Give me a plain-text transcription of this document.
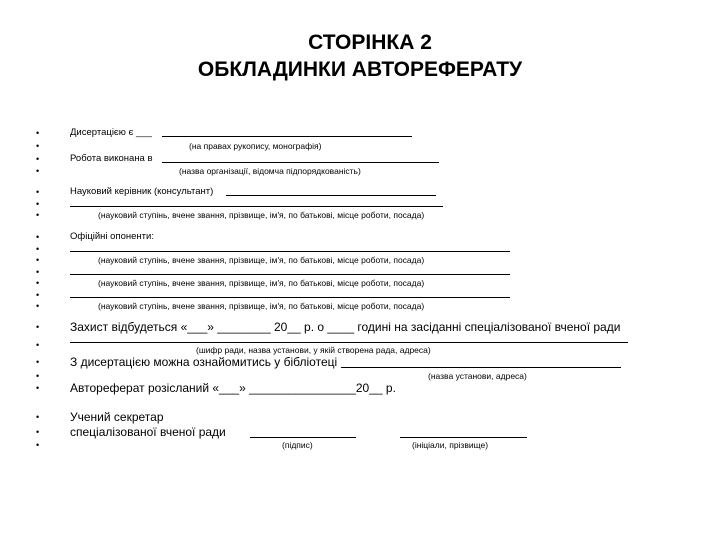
СТОРІНКА 2
ОБКЛАДИНКИ АВТОРЕФЕРАТУ
•
Дисертацією є ___
•
(на правах рукопису, монографія)
•
Робота виконана в
•
(назва організації, відомча підпорядкованість)
•
Науковий керівник (консультант)
•
•
(науковий ступінь, вчене звання, прізвище, ім'я, по батькові, місце роботи, посада)
•
Офіційні опоненти:
•
•
(науковий ступінь, вчене звання, прізвище, ім'я, по батькові, місце роботи, посада)
•
•
(науковий ступінь, вчене звання, прізвище, ім'я, по батькові, місце роботи, посада)
•
•
(науковий ступінь, вчене звання, прізвище, ім'я, по батькові, місце роботи, посада)
•
Захист відбудеться «___» ________ 20__ р. о ____ годині на засіданні спеціалізованої вченої ради
•
(шифр ради, назва установи, у якій створена рада, адреса)
•
З дисертацією можна ознайомитись у бібліотеці
•
(назва установи, адреса)
•
Автореферат розісланий «___» ________________20__ р.
•
Учений секретар
•
спеціалізованої вченої ради
•
(підпис)	(ініціали, прізвище)
